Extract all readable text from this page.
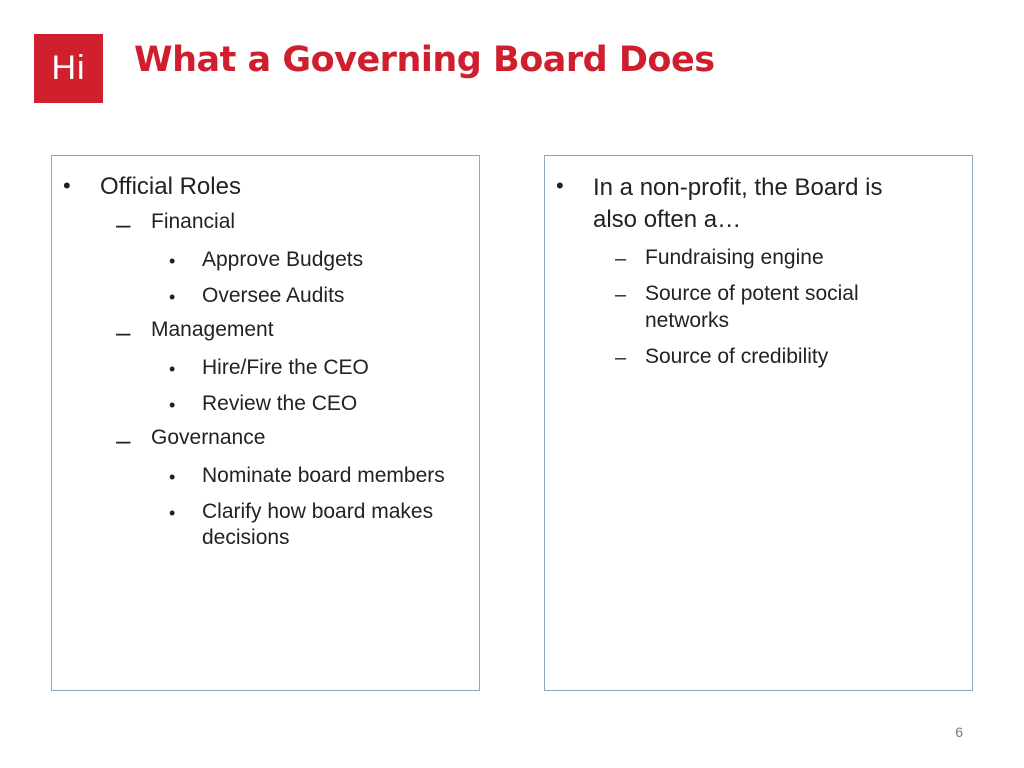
Hi What a Governing Board Does
• Official Roles
– Financial
• Approve Budgets
• Oversee Audits
– Management
• Hire/Fire the CEO
• Review the CEO
– Governance
• Nominate board members
• Clarify how board makes
decisions
• In a non-profit, the Board is
also often a…
– Fundraising engine
– Source of potent social
networks
– Source of credibility
6
